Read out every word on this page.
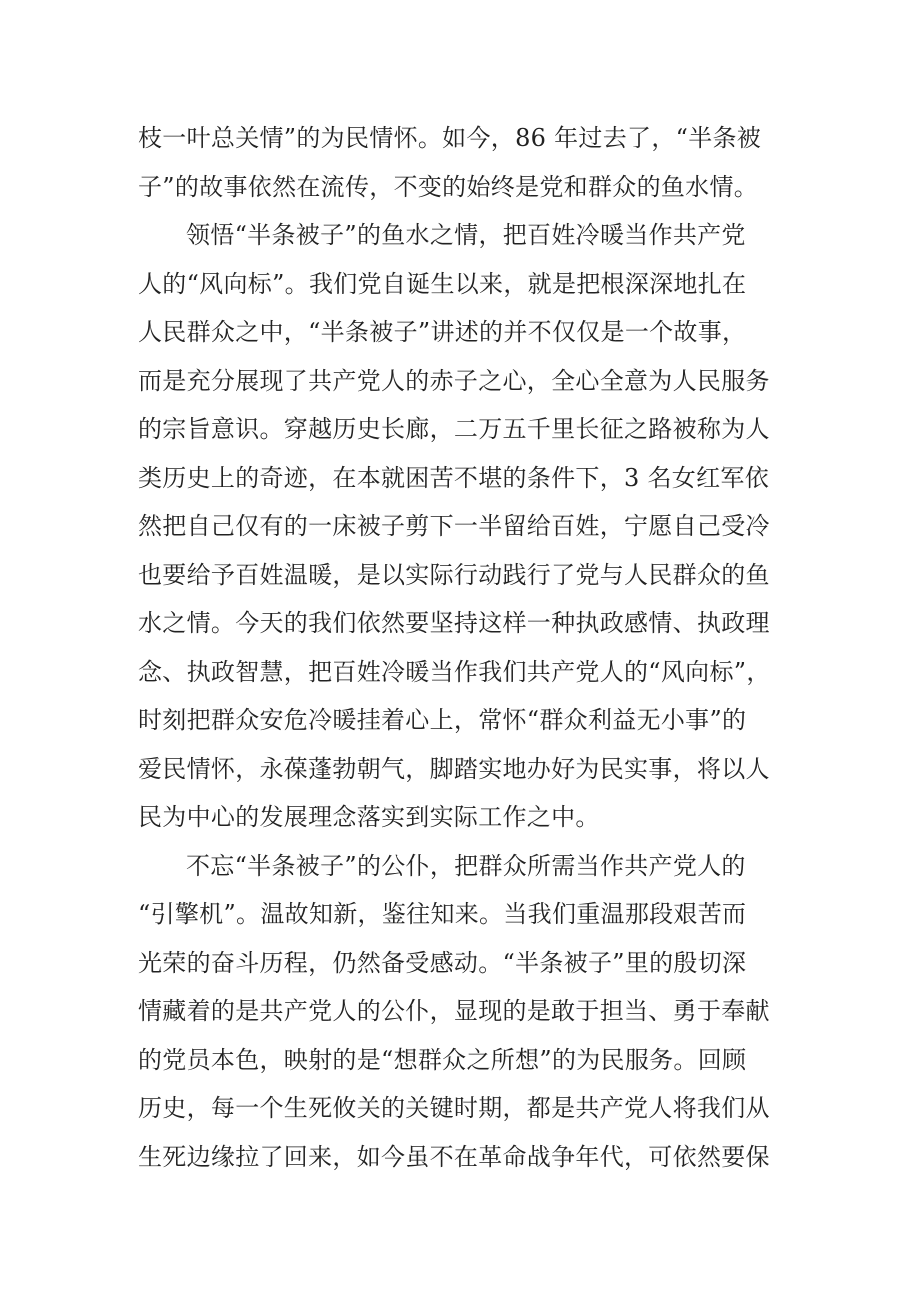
枝一叶总关情”的为民情怀。如今，86 年过去了，“半条被
子”的故事依然在流传，不变的始终是党和群众的鱼水情。
领悟“半条被子”的鱼水之情，把百姓冷暖当作共产党
人的“风向标”。我们党自诞生以来，就是把根深深地扎在
人民群众之中，“半条被子”讲述的并不仅仅是一个故事，
而是充分展现了共产党人的赤子之心，全心全意为人民服务
的宗旨意识。穿越历史长廊，二万五千里长征之路被称为人
类历史上的奇迹，在本就困苦不堪的条件下，3 名女红军依
然把自己仅有的一床被子剪下一半留给百姓，宁愿自己受冷
也要给予百姓温暖，是以实际行动践行了党与人民群众的鱼
水之情。今天的我们依然要坚持这样一种执政感情、执政理
念、执政智慧，把百姓冷暖当作我们共产党人的“风向标”，
时刻把群众安危冷暖挂着心上，常怀“群众利益无小事”的
爱民情怀，永葆蓬勃朝气，脚踏实地办好为民实事，将以人
民为中心的发展理念落实到实际工作之中。
不忘“半条被子”的公仆，把群众所需当作共产党人的
“引擎机”。温故知新，鉴往知来。当我们重温那段艰苦而
光荣的奋斗历程，仍然备受感动。“半条被子”里的殷切深
情藏着的是共产党人的公仆，显现的是敢于担当、勇于奉献
的党员本色，映射的是“想群众之所想”的为民服务。回顾
历史，每一个生死攸关的关键时期，都是共产党人将我们从
生死边缘拉了回来，如今虽不在革命战争年代，可依然要保
